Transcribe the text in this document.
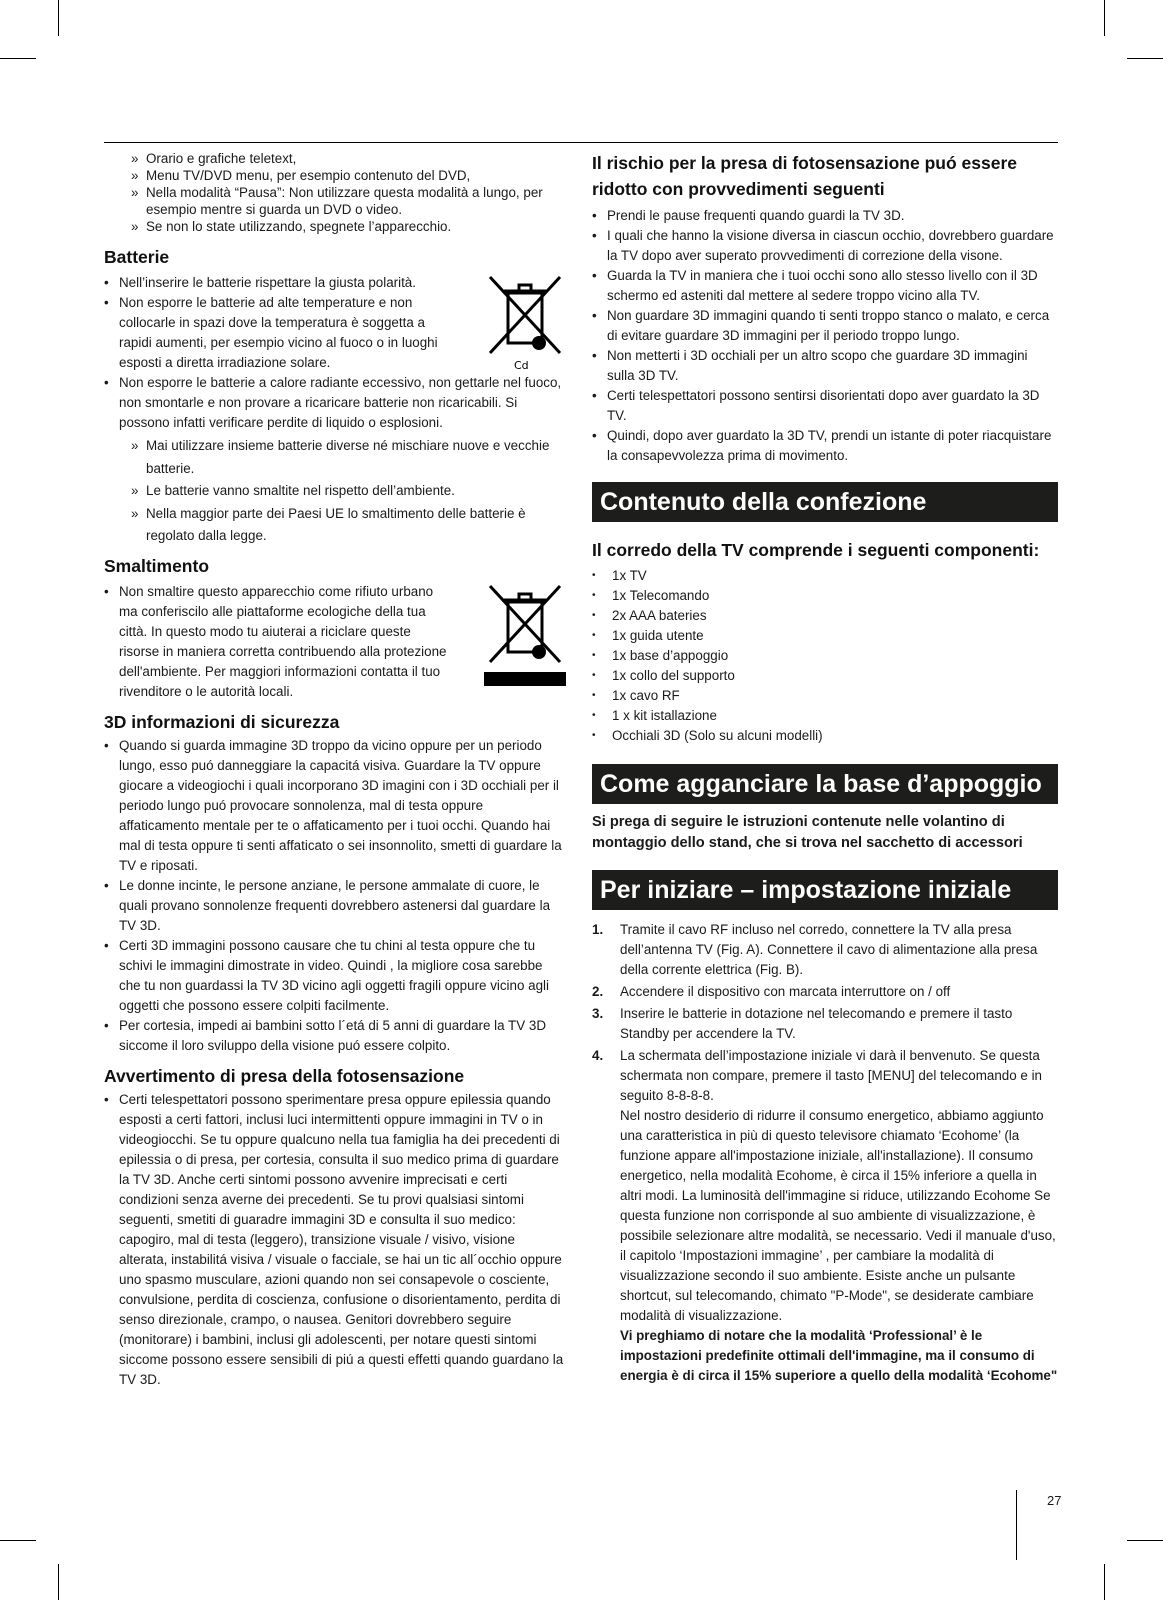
» Orario e grafiche teletext,
» Menu TV/DVD menu, per esempio contenuto del DVD,
» Nella modalità “Pausa”: Non utilizzare questa modalità a lungo, per esempio mentre si guarda un DVD o video.
» Se non lo state utilizzando, spegnete l’apparecchio.
Batterie
Cd
• Nell’inserire le batterie rispettare la giusta polarità.
• Non esporre le batterie ad alte temperature e non collocarle in spazi dove la temperatura è soggetta a rapidi aumenti, per esempio vicino al fuoco o in luoghi esposti a diretta irradiazione solare.
• Non esporre le batterie a calore radiante eccessivo, non gettarle nel fuoco, non smontarle e non provare a ricaricare batterie non ricaricabili. Si possono infatti verificare perdite di liquido o esplosioni.
» Mai utilizzare insieme batterie diverse né mischiare nuove e vecchie batterie.
» Le batterie vanno smaltite nel rispetto dell’ambiente.
» Nella maggior parte dei Paesi UE lo smaltimento delle batterie è regolato dalla legge.
Smaltimento
• Non smaltire questo apparecchio come rifiuto urbano ma conferiscilo alle piattaforme ecologiche della tua città. In questo modo tu aiuterai a riciclare queste risorse in maniera corretta contribuendo alla protezione dell'ambiente. Per maggiori informazioni contatta il tuo rivenditore o le autorità locali.
3D informazioni di sicurezza
• Quando si guarda immagine 3D troppo da vicino oppure per un periodo lungo, esso puó danneggiare la capacitá visiva. Guardare la TV oppure giocare a videogiochi i quali incorporano 3D imagini con i 3D occhiali per il periodo lungo puó provocare sonnolenza, mal di testa oppure affaticamento mentale per te o affaticamento per i tuoi occhi. Quando hai mal di testa oppure ti senti affaticato o sei insonnolito, smetti di guardare la TV e riposati.
• Le donne incinte, le persone anziane, le persone ammalate di cuore, le quali provano sonnolenze frequenti dovrebbero astenersi dal guardare la TV 3D.
• Certi 3D immagini possono causare che tu chini al testa oppure che tu schivi le immagini dimostrate in video. Quindi , la migliore cosa sarebbe che tu non guardassi la TV 3D vicino agli oggetti fragili oppure vicino agli oggetti che possono essere colpiti facilmente.
• Per cortesia, impedi ai bambini sotto l´etá di 5 anni di guardare la TV 3D siccome il loro sviluppo della visione puó essere colpito.
Avvertimento di presa della fotosensazione
• Certi telespettatori possono sperimentare presa oppure epilessia quando esposti a certi fattori, inclusi luci intermittenti oppure immagini in TV o in videogiocchi. Se tu oppure qualcuno nella tua famiglia ha dei precedenti di epilessia o di presa, per cortesia, consulta il suo medico prima di guardare la TV 3D. Anche certi sintomi possono avvenire imprecisati e certi condizioni senza averne dei precedenti. Se tu provi qualsiasi sintomi seguenti, smetiti di guaradre immagini 3D e consulta il suo medico: capogiro, mal di testa (leggero), transizione visuale / visivo, visione alterata, instabilitá visiva / visuale o facciale, se hai un tic all´occhio oppure uno spasmo musculare, azioni quando non sei consapevole o cosciente, convulsione, perdita di coscienza, confusione o disorientamento, perdita di senso direzionale, crampo, o nausea. Genitori dovrebbero seguire (monitorare) i bambini, inclusi gli adolescenti, per notare questi sintomi siccome possono essere sensibili di piú a questi effetti quando guardano la TV 3D.
Il rischio per la presa di fotosensazione puó essere ridotto con provvedimenti seguenti
• Prendi le pause frequenti quando guardi la TV 3D.
• I quali che hanno la visione diversa in ciascun occhio, dovrebbero guardare la TV dopo aver superato provvedimenti di correzione della visone.
• Guarda la TV in maniera che i tuoi occhi sono allo stesso livello con il 3D schermo ed asteniti dal mettere al sedere troppo vicino alla TV.
• Non guardare 3D immagini quando ti senti troppo stanco o malato, e cerca di evitare guardare 3D immagini per il periodo troppo lungo.
• Non metterti i 3D occhiali per un altro scopo che guardare 3D immagini sulla 3D TV.
• Certi telespettatori possono sentirsi disorientati dopo aver guardato la 3D TV.
• Quindi, dopo aver guardato la 3D TV, prendi un istante di poter riacquistare la consapevvolezza prima di movimento.
Contenuto della confezione
Il corredo della TV comprende i seguenti componenti:
• 1x TV
• 1x Telecomando
• 2x AAA bateries
• 1x guida utente
• 1x base d’appoggio
• 1x collo del supporto
• 1x cavo RF
• 1 x kit istallazione
• Occhiali 3D (Solo su alcuni modelli)
Come agganciare la base d’appoggio

Si prega di seguire le istruzioni contenute nelle volantino di montaggio dello stand, che si trova nel sacchetto di accessori

Per iniziare – impostazione iniziale
1. Tramite il cavo RF incluso nel corredo, connettere la TV alla presa dell’antenna TV (Fig. A). Connettere il cavo di alimentazione alla presa della corrente elettrica (Fig. B).
2. Accendere il dispositivo con marcata interruttore on / off
3. Inserire le batterie in dotazione nel telecomando e premere il tasto Standby per accendere la TV.
4. La schermata dell’impostazione iniziale vi darà il benvenuto. Se questa schermata non compare, premere il tasto [MENU] del telecomando e in seguito 8-8-8-8.
Nel nostro desiderio di ridurre il consumo energetico, abbiamo aggiunto una caratteristica in più di questo televisore chiamato ‘Ecohome’ (la funzione appare all'impostazione iniziale, all'installazione). Il consumo energetico, nella modalità Ecohome, è circa il 15% inferiore a quella in altri modi. La luminosità dell'immagine si riduce, utilizzando Ecohome Se questa funzione non corrisponde al suo ambiente di visualizzazione, è possibile selezionare altre modalità, se necessario. Vedi il manuale d'uso, il capitolo ‘Impostazioni immagine’ , per cambiare la modalità di visualizzazione secondo il suo ambiente. Esiste anche un pulsante shortcut, sul telecomando, chimato "P-Mode", se desiderate cambiare modalità di visualizzazione.
Vi preghiamo di notare che la modalità ‘Professional’ è le impostazioni predefinite ottimali dell'immagine, ma il consumo di energia è di circa il 15% superiore a quello della modalità ‘Ecohome"
27
